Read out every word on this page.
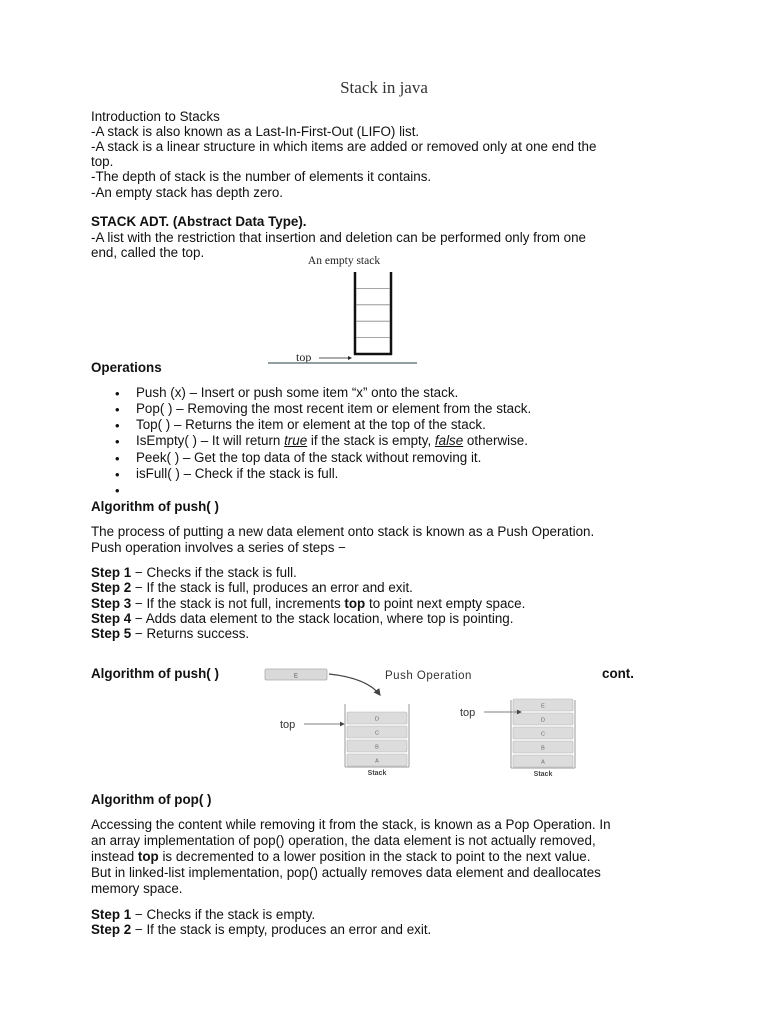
Stack in java
Introduction to Stacks
-A stack is also known as a Last-In-First-Out (LIFO) list.
-A stack is a linear structure in which items are added or removed only at one end the
top.
-The depth of stack is the number of elements it contains.
-An empty stack has depth zero.
STACK ADT. (Abstract Data Type).
-A list with the restriction that insertion and deletion can be performed only from one
end, called the top.
An empty stack
top
Operations
• Push (x) – Insert or push some item “x” onto the stack.
• Pop( ) – Removing the most recent item or element from the stack.
• Top( ) – Returns the item or element at the top of the stack.
• IsEmpty( ) – It will return true if the stack is empty, false otherwise.
• Peek( ) – Get the top data of the stack without removing it.
• isFull( ) – Check if the stack is full.
•
Algorithm of push( )
The process of putting a new data element onto stack is known as a Push Operation.
Push operation involves a series of steps −
Step 1 − Checks if the stack is full.
Step 2 − If the stack is full, produces an error and exit.
Step 3 − If the stack is not full, increments top to point next empty space.
Step 4 − Adds data element to the stack location, where top is pointing.
Step 5 − Returns success.
Algorithm of push( )	cont.
E	Push Operation
A
B
C
D
Stack
top
A
B
C
D
E
Stack
top
Algorithm of pop( )
Accessing the content while removing it from the stack, is known as a Pop Operation. In
an array implementation of pop() operation, the data element is not actually removed,
instead top is decremented to a lower position in the stack to point to the next value.
But in linked-list implementation, pop() actually removes data element and deallocates
memory space.
Step 1 − Checks if the stack is empty.
Step 2 − If the stack is empty, produces an error and exit.
